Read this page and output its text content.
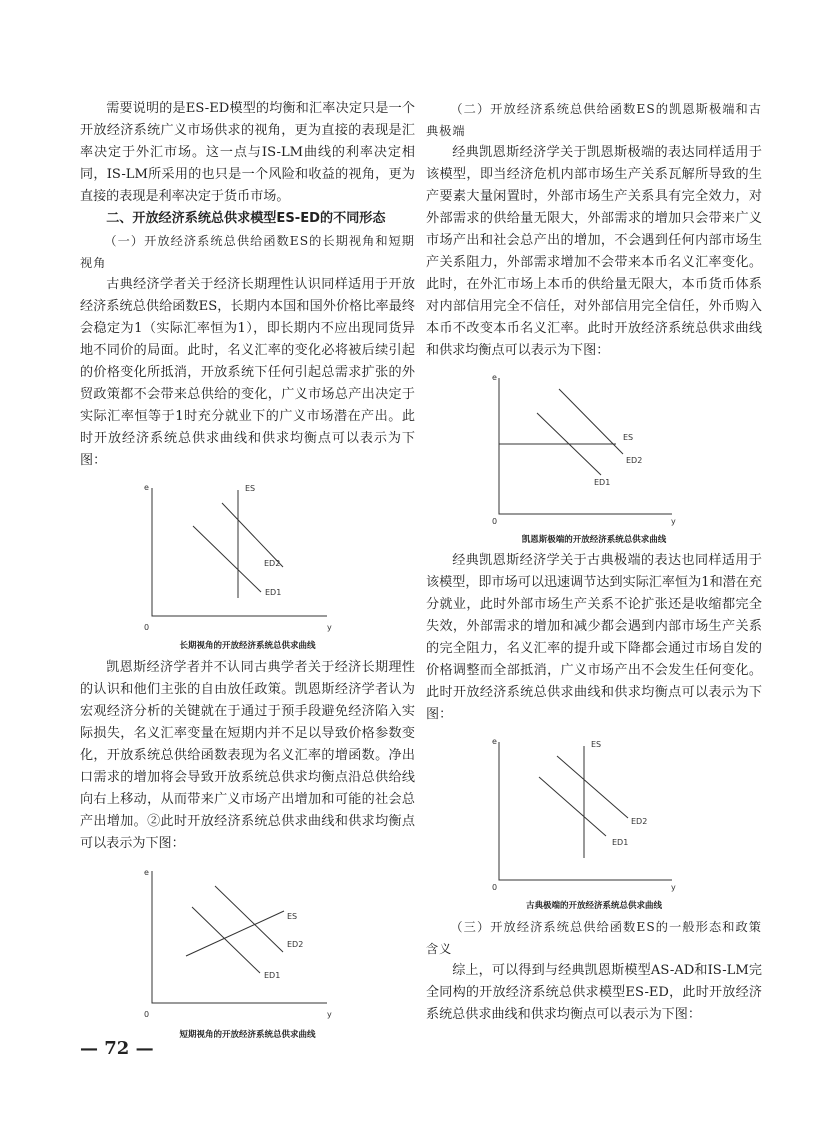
需要说明的是ES-ED模型的均衡和汇率决定只是一个开放经济系统广义市场供求的视角，更为直接的表现是汇率决定于外汇市场。这一点与IS-LM曲线的利率决定相同，IS-LM所采用的也只是一个风险和收益的视角，更为直接的表现是利率决定于货币市场。

二、开放经济系统总供求模型ES-ED的不同形态

（一）开放经济系统总供给函数ES的长期视角和短期视角

古典经济学者关于经济长期理性认识同样适用于开放经济系统总供给函数ES，长期内本国和国外价格比率最终会稳定为1（实际汇率恒为1），即长期内不应出现同货异地不同价的局面。此时，名义汇率的变化必将被后续引起的价格变化所抵消，开放系统下任何引起总需求扩张的外贸政策都不会带来总供给的变化，广义市场总产出决定于实际汇率恒等于1时充分就业下的广义市场潜在产出。此时开放经济系统总供求曲线和供求均衡点可以表示为下图：

e
0	y
ES
ED2
ED1
长期视角的开放经济系统总供求曲线

凯恩斯经济学者并不认同古典学者关于经济长期理性的认识和他们主张的自由放任政策。凯恩斯经济学者认为宏观经济分析的关键就在于通过于预手段避免经济陷入实际损失，名义汇率变量在短期内并不足以导致价格参数变化，开放系统总供给函数表现为名义汇率的增函数。净出口需求的增加将会导致开放系统总供求均衡点沿总供给线向右上移动，从而带来广义市场产出增加和可能的社会总产出增加。②此时开放经济系统总供求曲线和供求均衡点可以表示为下图：

e
0	y
ES
ED2
ED1
短期视角的开放经济系统总供求曲线

（二）开放经济系统总供给函数ES的凯恩斯极端和古典极端

经典凯恩斯经济学关于凯恩斯极端的表达同样适用于该模型，即当经济危机内部市场生产关系瓦解所导致的生产要素大量闲置时，外部市场生产关系具有完全效力，对外部需求的供给量无限大，外部需求的增加只会带来广义市场产出和社会总产出的增加，不会遇到任何内部市场生产关系阻力，外部需求增加不会带来本币名义汇率变化。此时，在外汇市场上本币的供给量无限大，本币货币体系对内部信用完全不信任，对外部信用完全信任，外币购入本币不改变本币名义汇率。此时开放经济系统总供求曲线和供求均衡点可以表示为下图：

e
0	y
ES
ED2
ED1
凯恩斯极端的开放经济系统总供求曲线

经典凯恩斯经济学关于古典极端的表达也同样适用于该模型，即市场可以迅速调节达到实际汇率恒为1和潜在充分就业，此时外部市场生产关系不论扩张还是收缩都完全失效，外部需求的增加和减少都会遇到内部市场生产关系的完全阻力，名义汇率的提升或下降都会通过市场自发的价格调整而全部抵消，广义市场产出不会发生任何变化。此时开放经济系统总供求曲线和供求均衡点可以表示为下图：

e
0	y
ES
ED2
ED1
古典极端的开放经济系统总供求曲线

（三）开放经济系统总供给函数ES的一般形态和政策含义

综上，可以得到与经典凯恩斯模型AS-AD和IS-LM完全同构的开放经济系统总供求模型ES-ED，此时开放经济系统总供求曲线和供求均衡点可以表示为下图：

— 72 —
